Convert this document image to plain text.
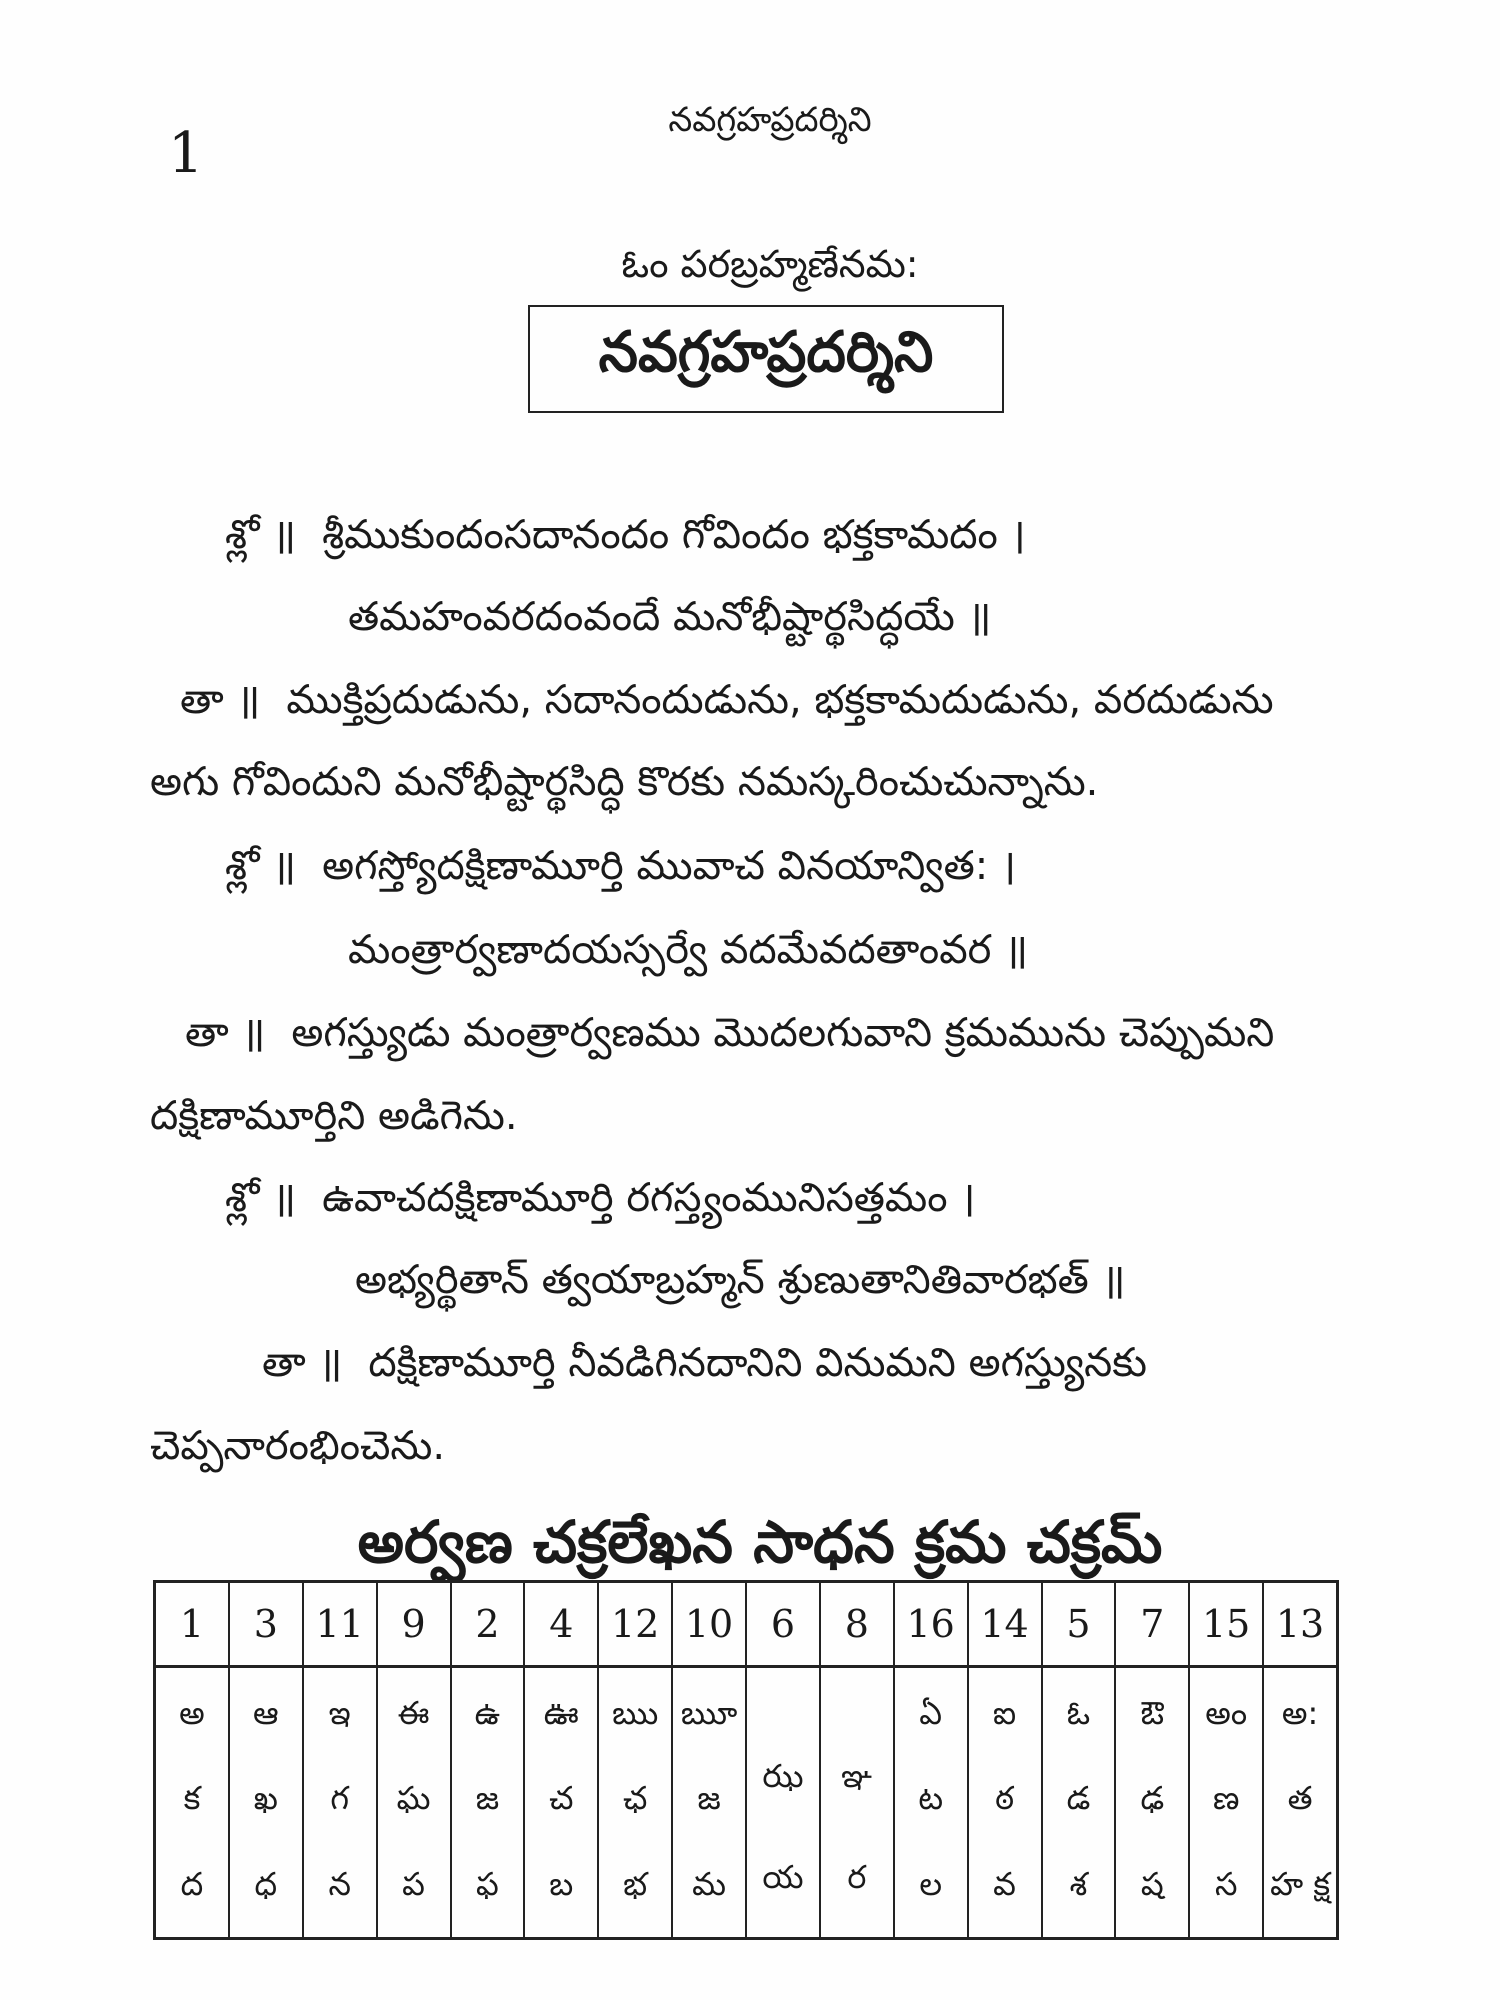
1
నవగ్రహప్రదర్శిని
ఓం పరబ్రహ్మణేనమ:
నవగ్రహప్రదర్శిని
శ్లో ॥ శ్రీముకుందంసదానందం గోవిందం భక్తకామదం ।
తమహంవరదంవందే మనోభీష్టార్థసిద్ధయే ॥
తా ॥ ముక్తిప్రదుడును, సదానందుడును, భక్తకామదుడును, వరదుడును
అగు గోవిందుని మనోభీష్టార్థసిద్ధి కొరకు నమస్కరించుచున్నాను.
శ్లో ॥ అగస్త్యోదక్షిణామూర్తి మువాచ వినయాన్విత: ।
మంత్రార్వణాదయస్సర్వే వదమేవదతాంవర ॥
తా ॥ అగస్త్యుడు మంత్రార్వణము మొదలగువాని క్రమమును చెప్పుమని
దక్షిణామూర్తిని అడిగెను.
శ్లో ॥ ఉవాచదక్షిణామూర్తి రగస్త్యంమునిసత్తమం ।
అభ్యర్థితాన్ త్వయాబ్రహ్మన్ శ్రుణుతానితివారభత్ ॥
తా ॥ దక్షిణామూర్తి నీవడిగినదానిని వినుమని అగస్త్యునకు
చెప్పనారంభించెను.
అర్వణ చక్రలేఖన సాధన క్రమ చక్రమ్
1
అ
క
ద
3
ఆ
ఖ
ధ
11
ఇ
గ
న
9
ఈ
ఘ
ప
2
ఉ
జ
ఫ
4
ఊ
చ
బ
12
ఋ
ఛ
భ
10
ౠ
జ
మ
6
ఝ
య
8
ఞ
ర
16
ఏ
ట
ల
14
ఐ
ఠ
వ
5
ఓ
డ
శ
7
ఔ
ఢ
ష
15
అం
ణ
స
13
అ:
త
హ క్ష
